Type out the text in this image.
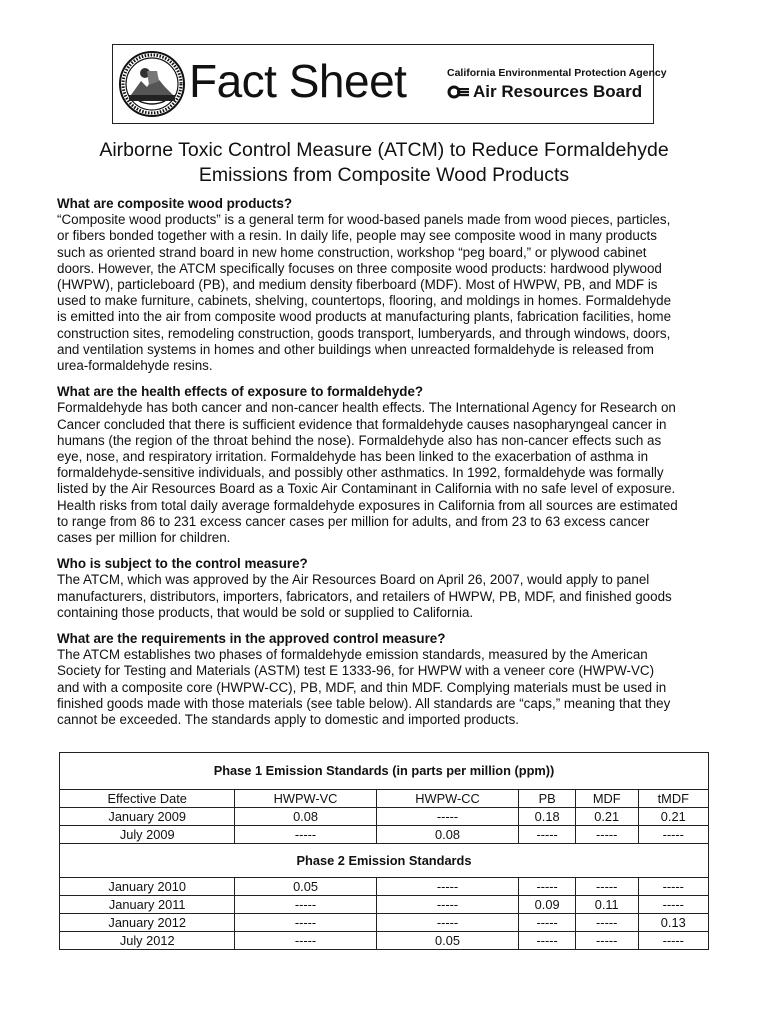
Fact Sheet	California Environmental Protection Agency
Air Resources Board
Airborne Toxic Control Measure (ATCM) to Reduce Formaldehyde
Emissions from Composite Wood Products
What are composite wood products?
“Composite wood products” is a general term for wood-based panels made from wood pieces, particles,
or fibers bonded together with a resin. In daily life, people may see composite wood in many products
such as oriented strand board in new home construction, workshop “peg board,” or plywood cabinet
doors. However, the ATCM specifically focuses on three composite wood products: hardwood plywood
(HWPW), particleboard (PB), and medium density fiberboard (MDF). Most of HWPW, PB, and MDF is
used to make furniture, cabinets, shelving, countertops, flooring, and moldings in homes. Formaldehyde
is emitted into the air from composite wood products at manufacturing plants, fabrication facilities, home
construction sites, remodeling construction, goods transport, lumberyards, and through windows, doors,
and ventilation systems in homes and other buildings when unreacted formaldehyde is released from
urea-formaldehyde resins.
What are the health effects of exposure to formaldehyde?
Formaldehyde has both cancer and non-cancer health effects. The International Agency for Research on
Cancer concluded that there is sufficient evidence that formaldehyde causes nasopharyngeal cancer in
humans (the region of the throat behind the nose). Formaldehyde also has non-cancer effects such as
eye, nose, and respiratory irritation. Formaldehyde has been linked to the exacerbation of asthma in
formaldehyde-sensitive individuals, and possibly other asthmatics. In 1992, formaldehyde was formally
listed by the Air Resources Board as a Toxic Air Contaminant in California with no safe level of exposure.
Health risks from total daily average formaldehyde exposures in California from all sources are estimated
to range from 86 to 231 excess cancer cases per million for adults, and from 23 to 63 excess cancer
cases per million for children.
Who is subject to the control measure?
The ATCM, which was approved by the Air Resources Board on April 26, 2007, would apply to panel
manufacturers, distributors, importers, fabricators, and retailers of HWPW, PB, MDF, and finished goods
containing those products, that would be sold or supplied to California.
What are the requirements in the approved control measure?
The ATCM establishes two phases of formaldehyde emission standards, measured by the American
Society for Testing and Materials (ASTM) test E 1333-96, for HWPW with a veneer core (HWPW-VC)
and with a composite core (HWPW-CC), PB, MDF, and thin MDF. Complying materials must be used in
finished goods made with those materials (see table below). All standards are “caps,” meaning that they
cannot be exceeded. The standards apply to domestic and imported products.
Phase 1 Emission Standards (in parts per million (ppm))					
Effective Date	HWPW-VC	HWPW-CC	PB	MDF	tMDF
January 2009	0.08	-----	0.18	0.21	0.21
July 2009	-----	0.08	-----	-----	-----
Phase 2 Emission Standards					
January 2010	0.05	-----	-----	-----	-----
January 2011	-----	-----	0.09	0.11	-----
January 2012	-----	-----	-----	-----	0.13
July 2012	-----	0.05	-----	-----	-----
